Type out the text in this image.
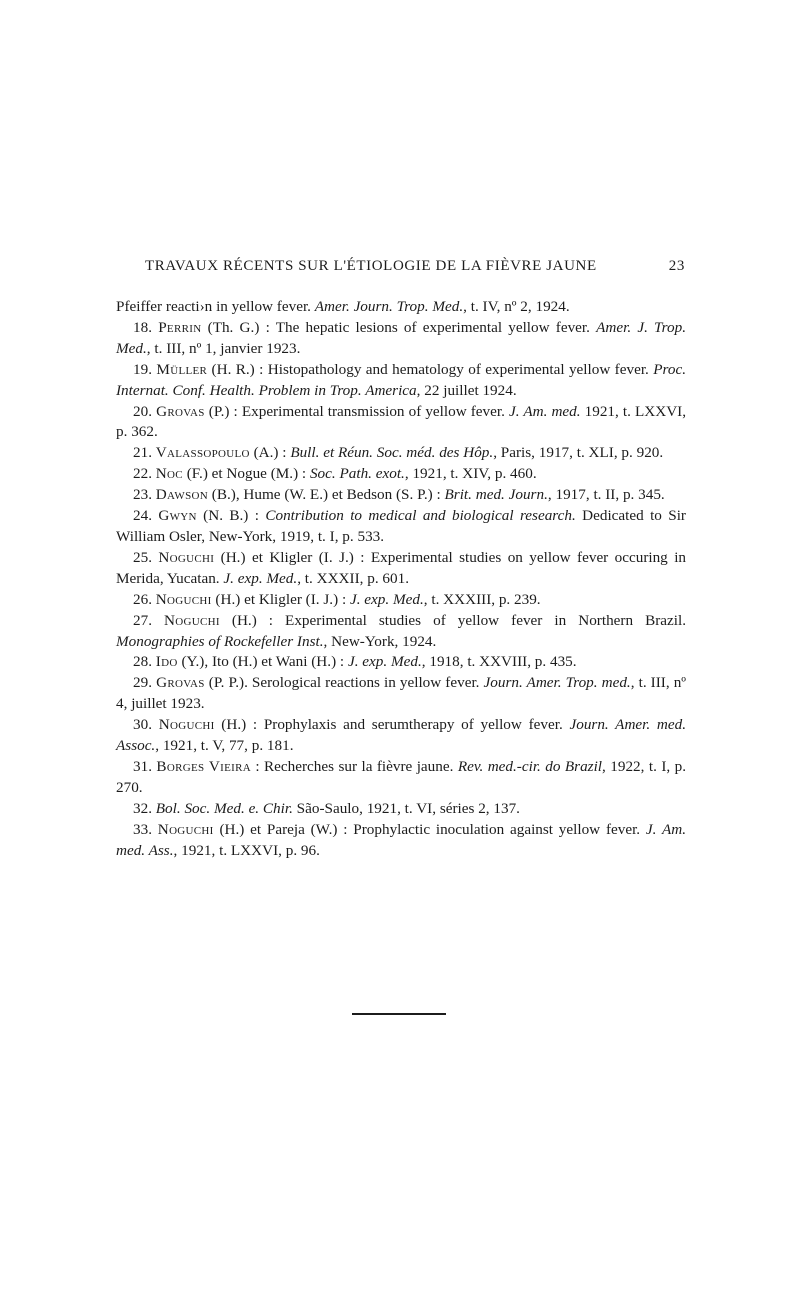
TRAVAUX RÉCENTS SUR L'ÉTIOLOGIE DE LA FIÈVRE JAUNE	23

Pfeiffer reacti›n in yellow fever. Amer. Journ. Trop. Med., t. IV, nº 2, 1924.

18. Perrin (Th. G.) : The hepatic lesions of experimental yellow fever. Amer. J. Trop. Med., t. III, nº 1, janvier 1923.

19. Müller (H. R.) : Histopathology and hematology of experimental yellow fever. Proc. Internat. Conf. Health. Problem in Trop. America, 22 juillet 1924.

20. Grovas (P.) : Experimental transmission of yellow fever. J. Am. med. 1921, t. LXXVI, p. 362.

21. Valassopoulo (A.) : Bull. et Réun. Soc. méd. des Hôp., Paris, 1917, t. XLI, p. 920.

22. Noc (F.) et Nogue (M.) : Soc. Path. exot., 1921, t. XIV, p. 460.

23. Dawson (B.), Hume (W. E.) et Bedson (S. P.) : Brit. med. Journ., 1917, t. II, p. 345.

24. Gwyn (N. B.) : Contribution to medical and biological research. Dedicated to Sir William Osler, New-York, 1919, t. I, p. 533.

25. Noguchi (H.) et Kligler (I. J.) : Experimental studies on yellow fever occuring in Merida, Yucatan. J. exp. Med., t. XXXII, p. 601.

26. Noguchi (H.) et Kligler (I. J.) : J. exp. Med., t. XXXIII, p. 239.

27. Noguchi (H.) : Experimental studies of yellow fever in Northern Brazil. Monographies of Rockefeller Inst., New-York, 1924.

28. Ido (Y.), Ito (H.) et Wani (H.) : J. exp. Med., 1918, t. XXVIII, p. 435.

29. Grovas (P. P.). Serological reactions in yellow fever. Journ. Amer. Trop. med., t. III, nº 4, juillet 1923.

30. Noguchi (H.) : Prophylaxis and serumtherapy of yellow fever. Journ. Amer. med. Assoc., 1921, t. V, 77, p. 181.

31. Borges Vieira : Recherches sur la fièvre jaune. Rev. med.-cir. do Brazil, 1922, t. I, p. 270.

32. Bol. Soc. Med. e. Chir. São-Saulo, 1921, t. VI, séries 2, 137.

33. Noguchi (H.) et Pareja (W.) : Prophylactic inoculation against yellow fever. J. Am. med. Ass., 1921, t. LXXVI, p. 96.
